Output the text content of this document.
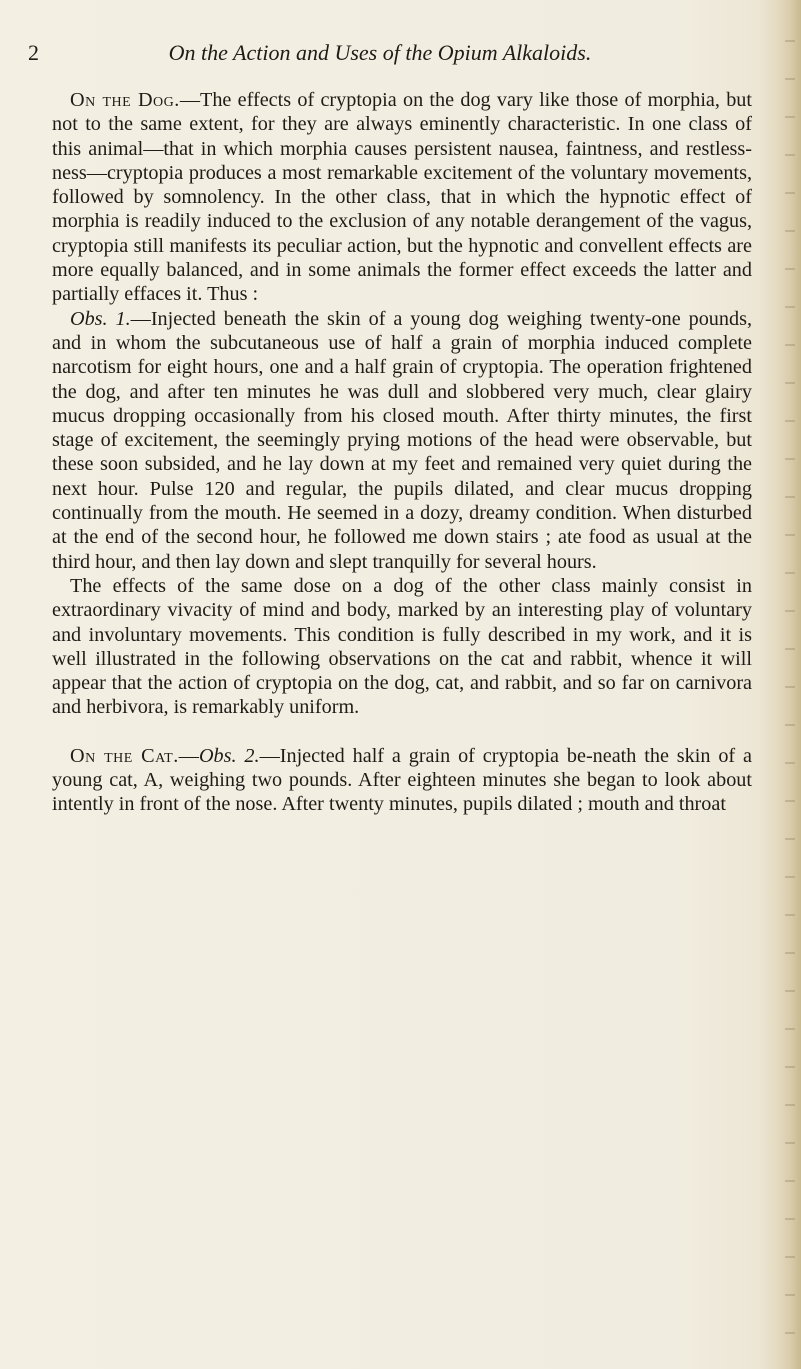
2	On the Action and Uses of the Opium Alkaloids.

On the Dog.—The effects of cryptopia on the dog vary like those of morphia, but not to the same extent, for they are always eminently characteristic. In one class of this animal—that in which morphia causes persistent nausea, faintness, and restless-ness—cryptopia produces a most remarkable excitement of the voluntary movements, followed by somnolency. In the other class, that in which the hypnotic effect of morphia is readily induced to the exclusion of any notable derangement of the vagus, cryptopia still manifests its peculiar action, but the hypnotic and convellent effects are more equally balanced, and in some animals the former effect exceeds the latter and partially effaces it. Thus :

Obs. 1.—Injected beneath the skin of a young dog weighing twenty-one pounds, and in whom the subcutaneous use of half a grain of morphia induced complete narcotism for eight hours, one and a half grain of cryptopia. The operation frightened the dog, and after ten minutes he was dull and slobbered very much, clear glairy mucus dropping occasionally from his closed mouth. After thirty minutes, the first stage of excitement, the seemingly prying motions of the head were observable, but these soon subsided, and he lay down at my feet and remained very quiet during the next hour. Pulse 120 and regular, the pupils dilated, and clear mucus dropping continually from the mouth. He seemed in a dozy, dreamy condition. When disturbed at the end of the second hour, he followed me down stairs ; ate food as usual at the third hour, and then lay down and slept tranquilly for several hours.

The effects of the same dose on a dog of the other class mainly consist in extraordinary vivacity of mind and body, marked by an interesting play of voluntary and involuntary movements. This condition is fully described in my work, and it is well illustrated in the following observations on the cat and rabbit, whence it will appear that the action of cryptopia on the dog, cat, and rabbit, and so far on carnivora and herbivora, is remarkably uniform.

On the Cat.—Obs. 2.—Injected half a grain of cryptopia be-neath the skin of a young cat, A, weighing two pounds. After eighteen minutes she began to look about intently in front of the nose. After twenty minutes, pupils dilated ; mouth and throat
